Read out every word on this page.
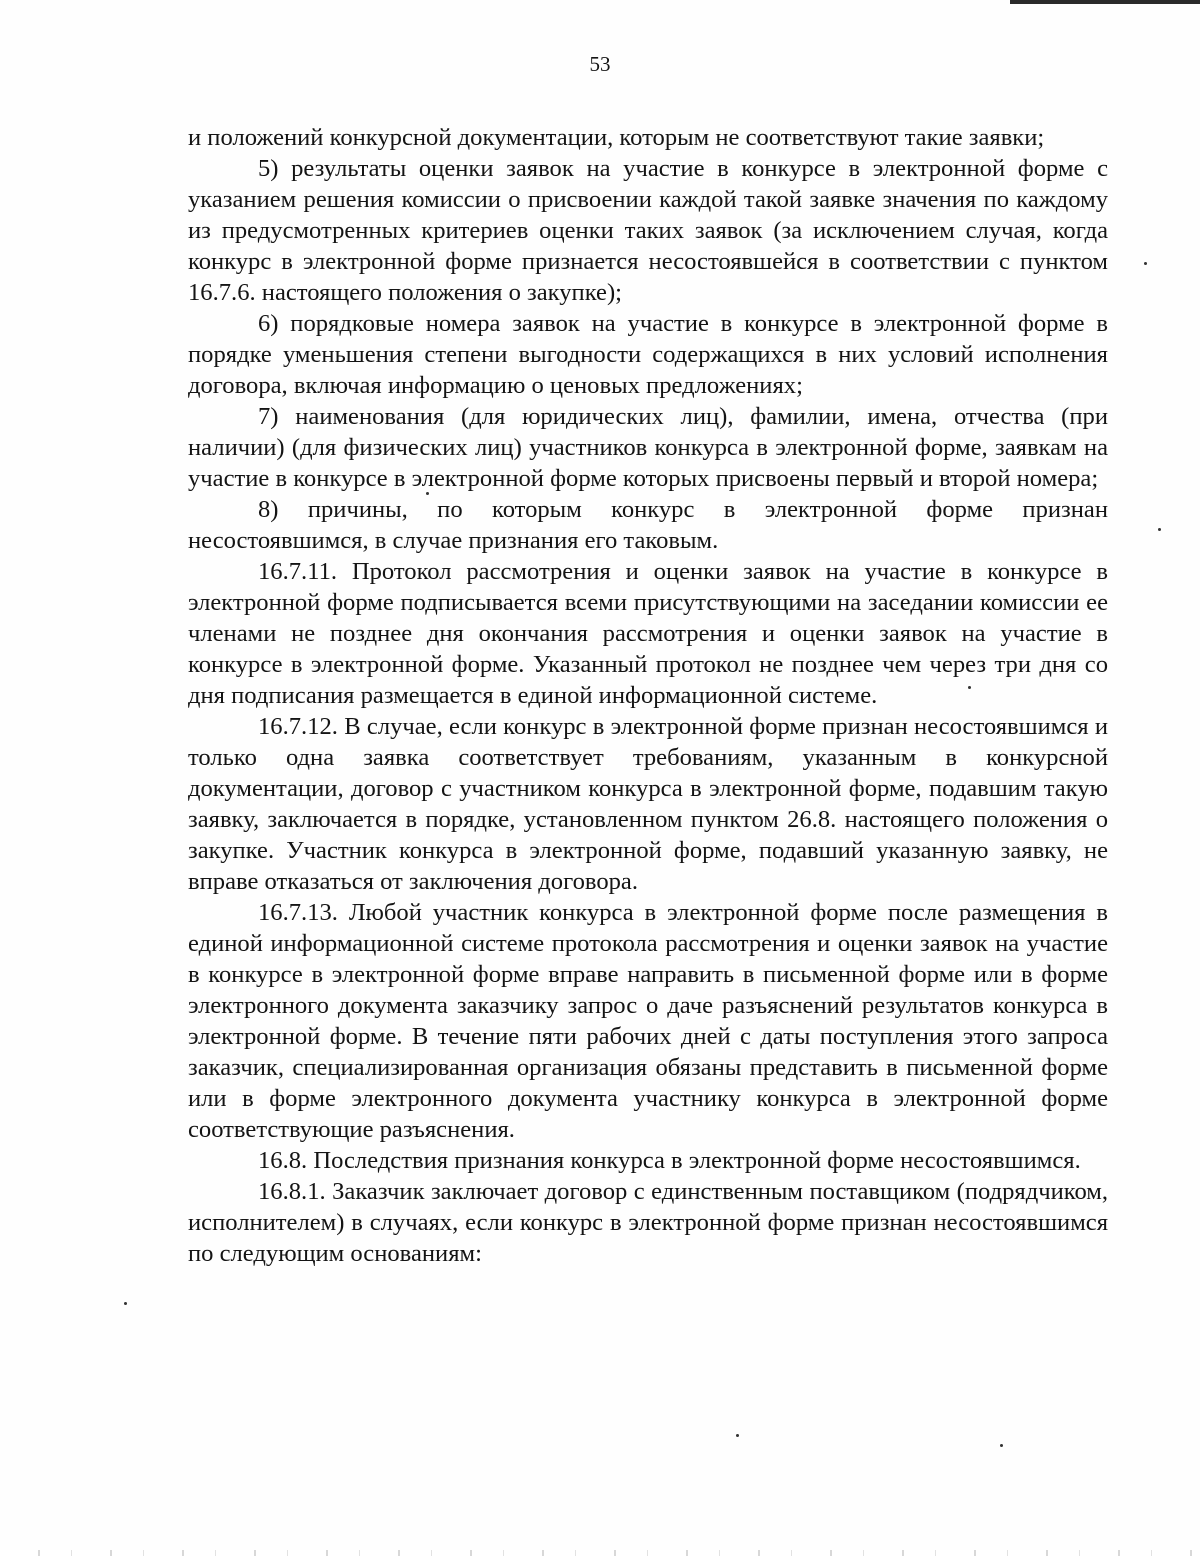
53

и положений конкурсной документации, которым не соответствуют такие заявки;

5) результаты оценки заявок на участие в конкурсе в электронной форме с указанием решения комиссии о присвоении каждой такой заявке значения по каждому из предусмотренных критериев оценки таких заявок (за исключением случая, когда конкурс в электронной форме признается несостоявшейся в соответствии с пунктом 16.7.6. настоящего положения о закупке);

6) порядковые номера заявок на участие в конкурсе в электронной форме в порядке уменьшения степени выгодности содержащихся в них условий исполнения договора, включая информацию о ценовых предложениях;

7) наименования (для юридических лиц), фамилии, имена, отчества (при наличии) (для физических лиц) участников конкурса в электронной форме, заявкам на участие в конкурсе в электронной форме которых присвоены первый и второй номера;

8) причины, по которым конкурс в электронной форме признан несостоявшимся, в случае признания его таковым.

16.7.11. Протокол рассмотрения и оценки заявок на участие в конкурсе в электронной форме подписывается всеми присутствующими на заседании комиссии ее членами не позднее дня окончания рассмотрения и оценки заявок на участие в конкурсе в электронной форме. Указанный протокол не позднее чем через три дня со дня подписания размещается в единой информационной системе.

16.7.12. В случае, если конкурс в электронной форме признан несостоявшимся и только одна заявка соответствует требованиям, указанным в конкурсной документации, договор с участником конкурса в электронной форме, подавшим такую заявку, заключается в порядке, установленном пунктом 26.8. настоящего положения о закупке. Участник конкурса в электронной форме, подавший указанную заявку, не вправе отказаться от заключения договора.

16.7.13. Любой участник конкурса в электронной форме после размещения в единой информационной системе протокола рассмотрения и оценки заявок на участие в конкурсе в электронной форме вправе направить в письменной форме или в форме электронного документа заказчику запрос о даче разъяснений результатов конкурса в электронной форме. В течение пяти рабочих дней с даты поступления этого запроса заказчик, специализированная организация обязаны представить в письменной форме или в форме электронного документа участнику конкурса в электронной форме соответствующие разъяснения.

16.8. Последствия признания конкурса в электронной форме несостоявшимся.

16.8.1. Заказчик заключает договор с единственным поставщиком (подрядчиком, исполнителем) в случаях, если конкурс в электронной форме признан несостоявшимся по следующим основаниям:
